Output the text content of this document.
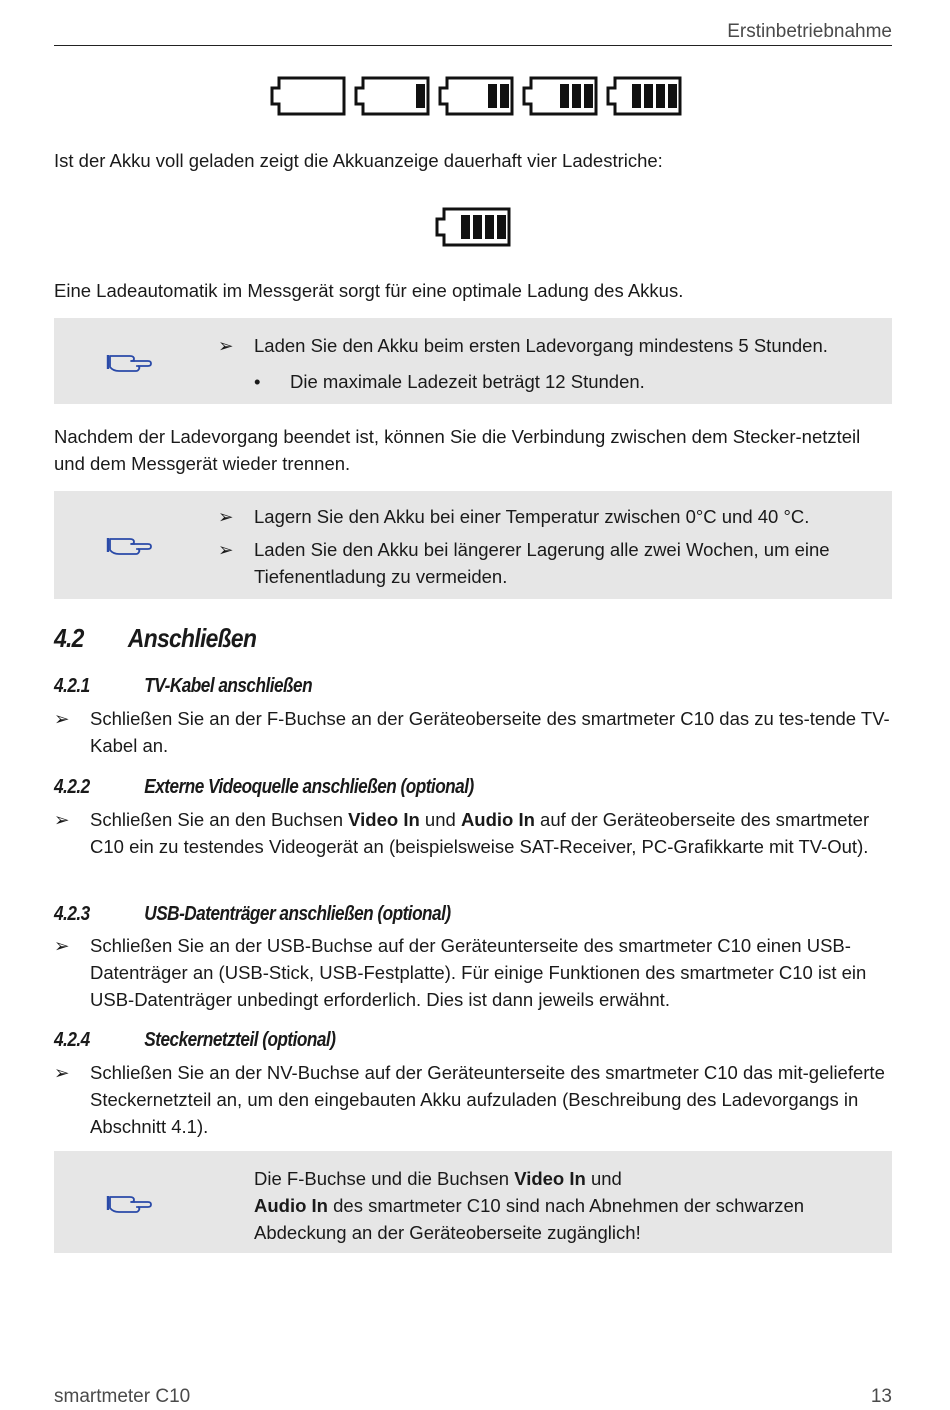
Erstinbetriebnahme

Ist der Akku voll geladen zeigt die Akkuanzeige dauerhaft vier Ladestriche:

Eine Ladeautomatik im Messgerät sorgt für eine optimale Ladung des Akkus.

➢ Laden Sie den Akku beim ersten Ladevorgang mindestens 5 Stunden.
•	Die maximale Ladezeit beträgt 12 Stunden.

Nachdem der Ladevorgang beendet ist, können Sie die Verbindung zwischen dem Stecker-netzteil und dem Messgerät wieder trennen.

➢ Lagern Sie den Akku bei einer Temperatur zwischen 0°C und 40 °C.
➢ Laden Sie den Akku bei längerer Lagerung alle zwei Wochen, um eine Tiefenentladung zu vermeiden.
4.2 Anschließen
4.2.1	TV-Kabel anschließen
➢ Schließen Sie an der F-Buchse an der Geräteoberseite des smartmeter C10 das zu tes-tende TV-Kabel an.
4.2.2	Externe Videoquelle anschließen (optional)
➢ Schließen Sie an den Buchsen Video In und Audio In auf der Geräteoberseite des smartmeter C10 ein zu testendes Videogerät an (beispielsweise SAT-Receiver, PC-Grafikkarte mit TV-Out).
4.2.3	USB-Datenträger anschließen (optional)
➢ Schließen Sie an der USB-Buchse auf der Geräteunterseite des smartmeter C10 einen USB-Datenträger an (USB-Stick, USB-Festplatte). Für einige Funktionen des smartmeter C10 ist ein USB-Datenträger unbedingt erforderlich. Dies ist dann jeweils erwähnt.
4.2.4	Steckernetzteil (optional)
➢ Schließen Sie an der NV-Buchse auf der Geräteunterseite des smartmeter C10 das mit-gelieferte Steckernetzteil an, um den eingebauten Akku aufzuladen (Beschreibung des Ladevorgangs in Abschnitt 4.1).
Die F-Buchse und die Buchsen Video In und
Audio In des smartmeter C10 sind nach Abnehmen der schwarzen Abdeckung an der Geräteoberseite zugänglich!
smartmeter C10	13
